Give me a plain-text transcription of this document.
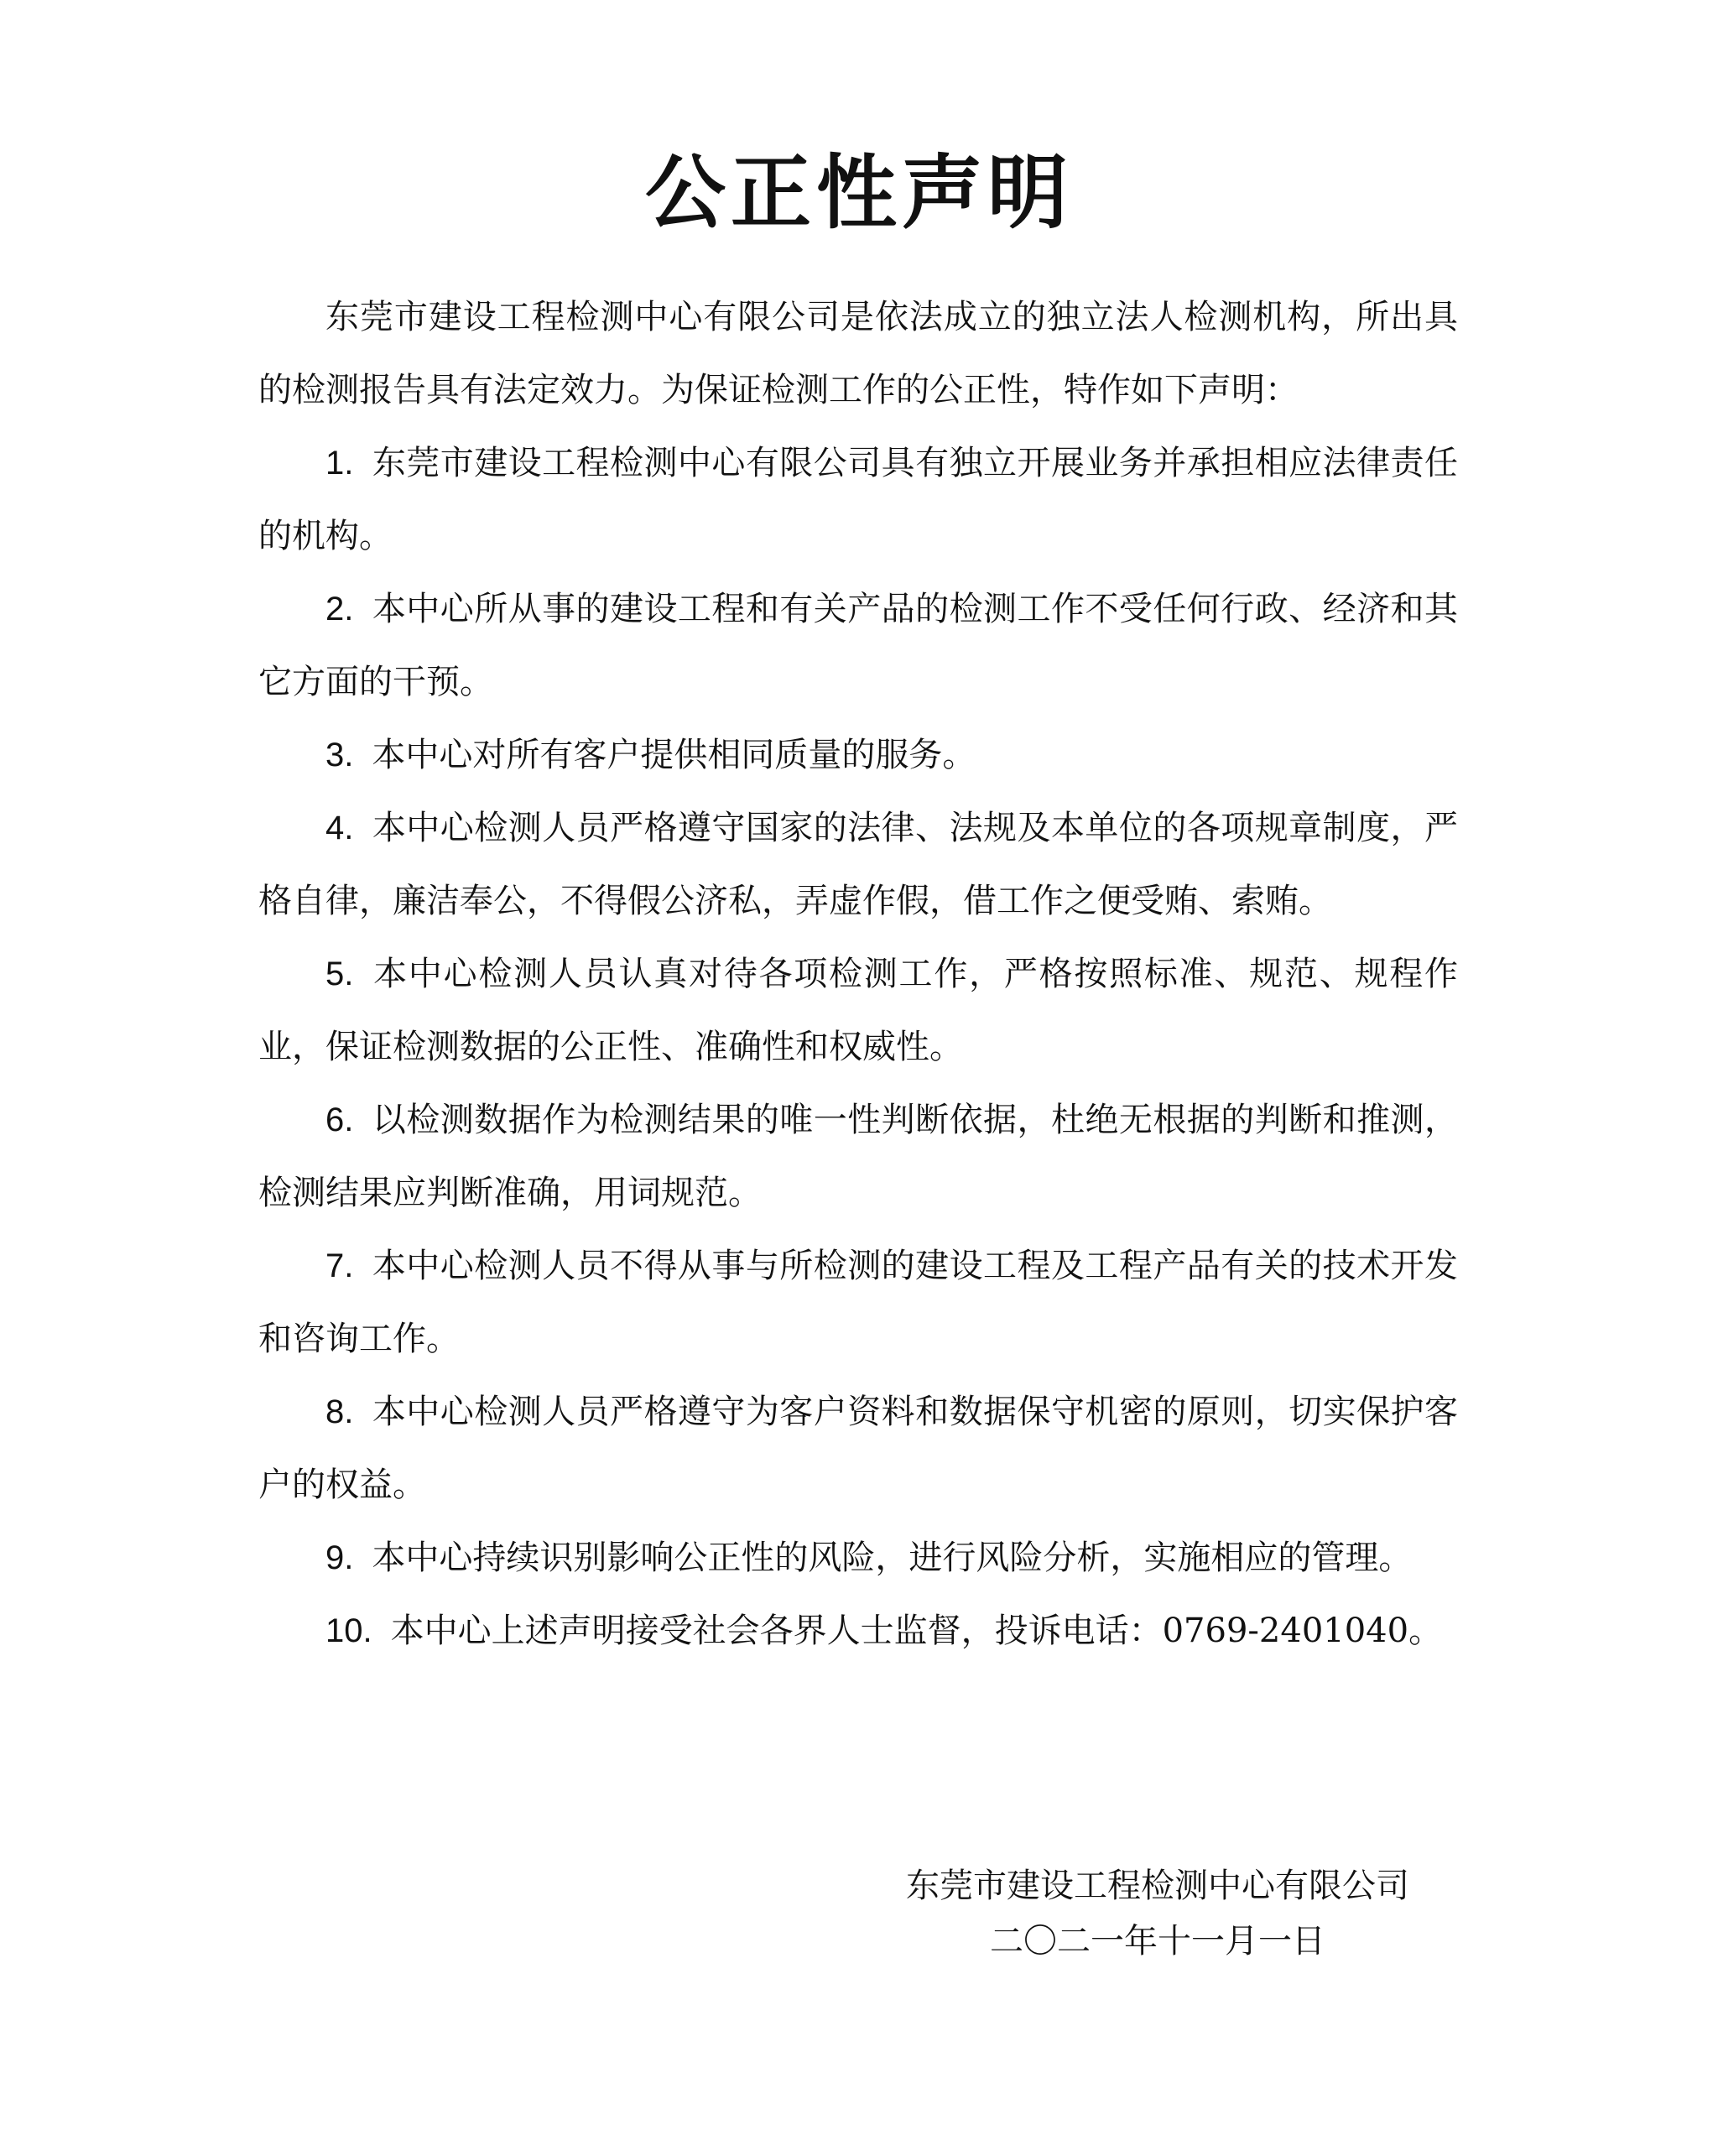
公正性声明

东莞市建设工程检测中心有限公司是依法成立的独立法人检测机构，所出具的检测报告具有法定效力。为保证检测工作的公正性，特作如下声明：

1. 东莞市建设工程检测中心有限公司具有独立开展业务并承担相应法律责任的机构。

2. 本中心所从事的建设工程和有关产品的检测工作不受任何行政、经济和其它方面的干预。

3. 本中心对所有客户提供相同质量的服务。

4. 本中心检测人员严格遵守国家的法律、法规及本单位的各项规章制度，严格自律，廉洁奉公，不得假公济私，弄虚作假，借工作之便受贿、索贿。

5. 本中心检测人员认真对待各项检测工作，严格按照标准、规范、规程作业，保证检测数据的公正性、准确性和权威性。

6. 以检测数据作为检测结果的唯一性判断依据，杜绝无根据的判断和推测，检测结果应判断准确，用词规范。

7. 本中心检测人员不得从事与所检测的建设工程及工程产品有关的技术开发和咨询工作。

8. 本中心检测人员严格遵守为客户资料和数据保守机密的原则，切实保护客户的权益。

9. 本中心持续识别影响公正性的风险，进行风险分析，实施相应的管理。

10. 本中心上述声明接受社会各界人士监督，投诉电话：0769-2401040。

东莞市建设工程检测中心有限公司
二〇二一年十一月一日
